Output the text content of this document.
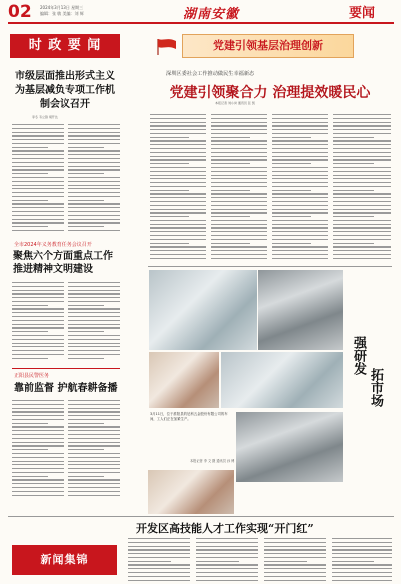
02 2024年3月13日 星期三
编辑：张 敏 美编：刘 辉	湖南安徽	要闻
时 政 要 闻
市级层面推出形式主义为基层减负专项工作机制会议召开
李冬 韦立锋 胡开达
全市2024年义务教育任务会议召开
聚焦六个方面重点工作推进精神文明建设
正阳县民警医务
靠前监督 护航春耕备播
党建引领基层治理创新
深圳区委社会工作推动做民生幸福新态
党建引领聚合力 治理提效暖民心
本报记者 刘小岗 通讯员 张 凯
强研发
拓市场
3月11日，位于淮阳县的尼科五金股份有限公司的车间，工人们正在加紧生产。
本报记者 李 文 摄 通讯员 孙 博
开发区高技能人才工作实现“开门红”
新闻集锦
